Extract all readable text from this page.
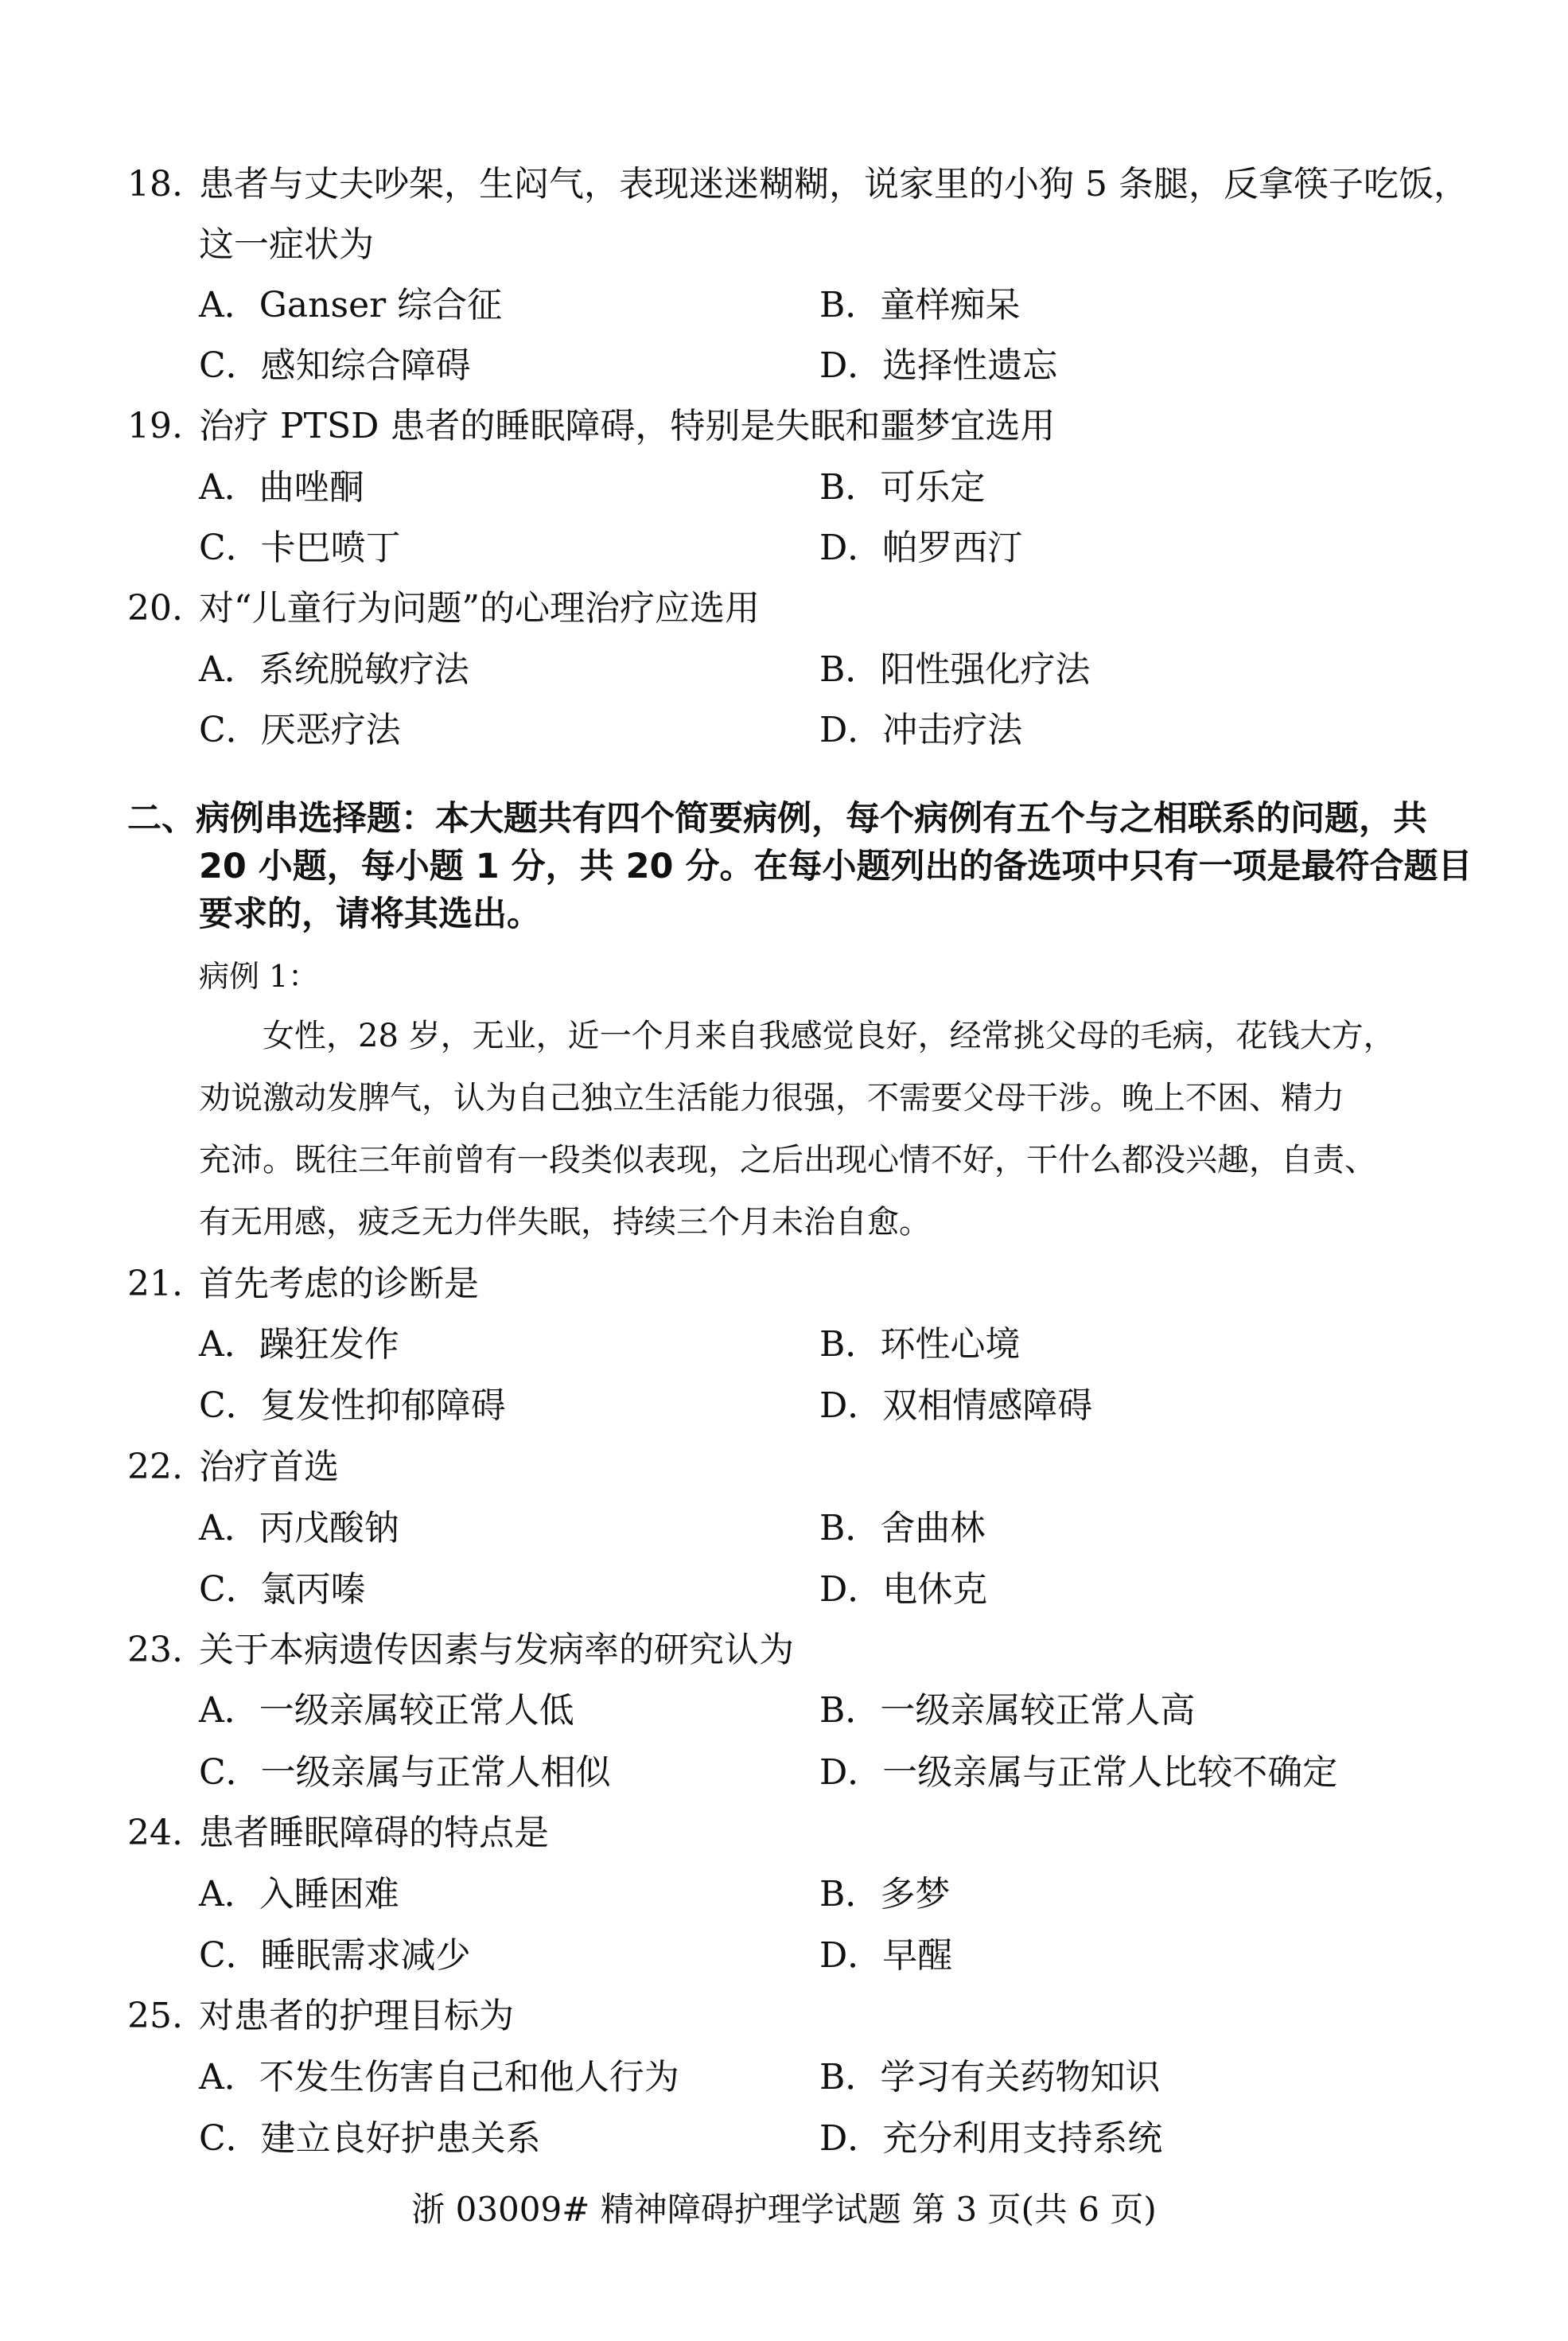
18. 患者与丈夫吵架，生闷气，表现迷迷糊糊，说家里的小狗 5 条腿，反拿筷子吃饭，
这一症状为
A．Ganser 综合征	B．童样痴呆
C．感知综合障碍	D．选择性遗忘
19. 治疗 PTSD 患者的睡眠障碍，特别是失眠和噩梦宜选用
A．曲唑酮	B．可乐定
C．卡巴喷丁	D．帕罗西汀
20. 对“儿童行为问题”的心理治疗应选用
A．系统脱敏疗法	B．阳性强化疗法
C．厌恶疗法	D．冲击疗法
二、病例串选择题：本大题共有四个简要病例，每个病例有五个与之相联系的问题，共
20 小题，每小题 1 分，共 20 分。在每小题列出的备选项中只有一项是最符合题目
要求的，请将其选出。
病例 1：
女性，28 岁，无业，近一个月来自我感觉良好，经常挑父母的毛病，花钱大方，
劝说激动发脾气，认为自己独立生活能力很强，不需要父母干涉。晚上不困、精力
充沛。既往三年前曾有一段类似表现，之后出现心情不好，干什么都没兴趣，自责、
有无用感，疲乏无力伴失眠，持续三个月未治自愈。
21. 首先考虑的诊断是
A．躁狂发作	B．环性心境
C．复发性抑郁障碍	D．双相情感障碍
22. 治疗首选
A．丙戊酸钠	B．舍曲林
C．氯丙嗪	D．电休克
23. 关于本病遗传因素与发病率的研究认为
A．一级亲属较正常人低	B．一级亲属较正常人高
C．一级亲属与正常人相似	D．一级亲属与正常人比较不确定
24. 患者睡眠障碍的特点是
A．入睡困难	B．多梦
C．睡眠需求减少	D．早醒
25. 对患者的护理目标为
A．不发生伤害自己和他人行为	B．学习有关药物知识
C．建立良好护患关系	D．充分利用支持系统
浙 03009# 精神障碍护理学试题 第 3 页(共 6 页)
